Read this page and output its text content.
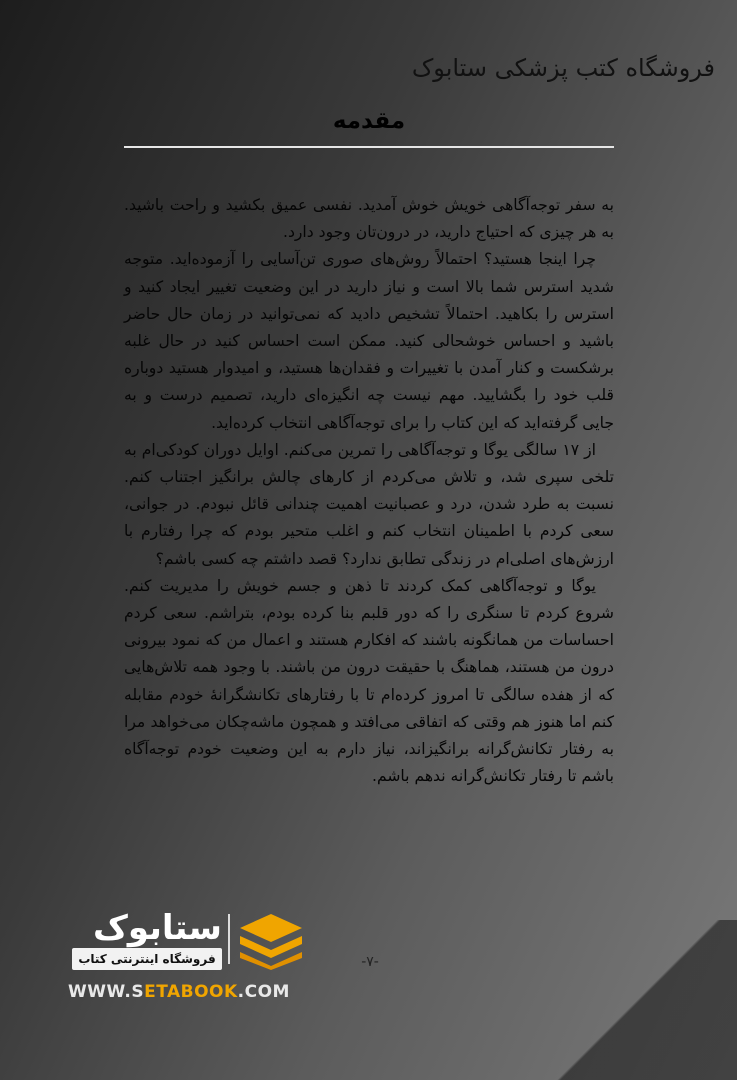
فروشگاه کتب پزشکی ستابوک
مقدمه

به سفر توجه‌آگاهی خویش خوش آمدید. نفسی عمیق بکشید و راحت باشید. به هر چیزی که احتیاج دارید، در درون‌تان وجود دارد.

چرا اینجا هستید؟ احتمالاً روش‌های صوری تن‌آسایی را آزموده‌اید. متوجه شدید استرس شما بالا است و نیاز دارید در این وضعیت تغییر ایجاد کنید و استرس را بکاهید. احتمالاً تشخیص دادید که نمی‌توانید در زمان حال حاضر باشید و احساس خوشحالی کنید. ممکن است احساس کنید در حال غلبه برشکست و کنار آمدن با تغییرات و فقدان‌ها هستید، و امیدوار هستید دوباره قلب خود را بگشایید. مهم نیست چه انگیزه‌ای دارید، تصمیم درست و به جایی گرفته‌اید که این کتاب را برای توجه‌آگاهی انتخاب کرده‌اید.

از ۱۷ سالگی یوگا و توجه‌آگاهی را تمرین می‌کنم. اوایل دوران کودکی‌ام به تلخی سپری شد، و تلاش می‌کردم از کارهای چالش برانگیز اجتناب کنم. نسبت به طرد شدن، درد و عصبانیت اهمیت چندانی قائل نبودم. در جوانی، سعی کردم با اطمینان انتخاب کنم و اغلب متحیر بودم که چرا رفتارم با ارزش‌های اصلی‌ام در زندگی تطابق ندارد؟ قصد داشتم چه کسی باشم؟

یوگا و توجه‌آگاهی کمک کردند تا ذهن و جسم خویش را مدیریت کنم. شروع کردم تا سنگری را که دور قلبم بنا کرده بودم، بتراشم. سعی کردم احساسات من همانگونه باشند که افکارم هستند و اعمال من که نمود بیرونی درون من هستند، هماهنگ با حقیقت درون من باشند. با وجود همه تلاش‌هایی که از هفده سالگی تا امروز کرده‌ام تا با رفتارهای تکانشگرانهٔ خودم مقابله کنم اما هنوز هم وقتی که اتفاقی می‌افتد و همچون ماشه‌چکان می‌خواهد مرا به رفتار تکانش‌گرانه برانگیزاند، نیاز دارم به این وضعیت خودم توجه‌آگاه باشم تا رفتار تکانش‌گرانه ندهم باشم.

-۷-
ستابوک
فروشگاه اینترنتی کتاب
WWW.SETABOOK.COM
